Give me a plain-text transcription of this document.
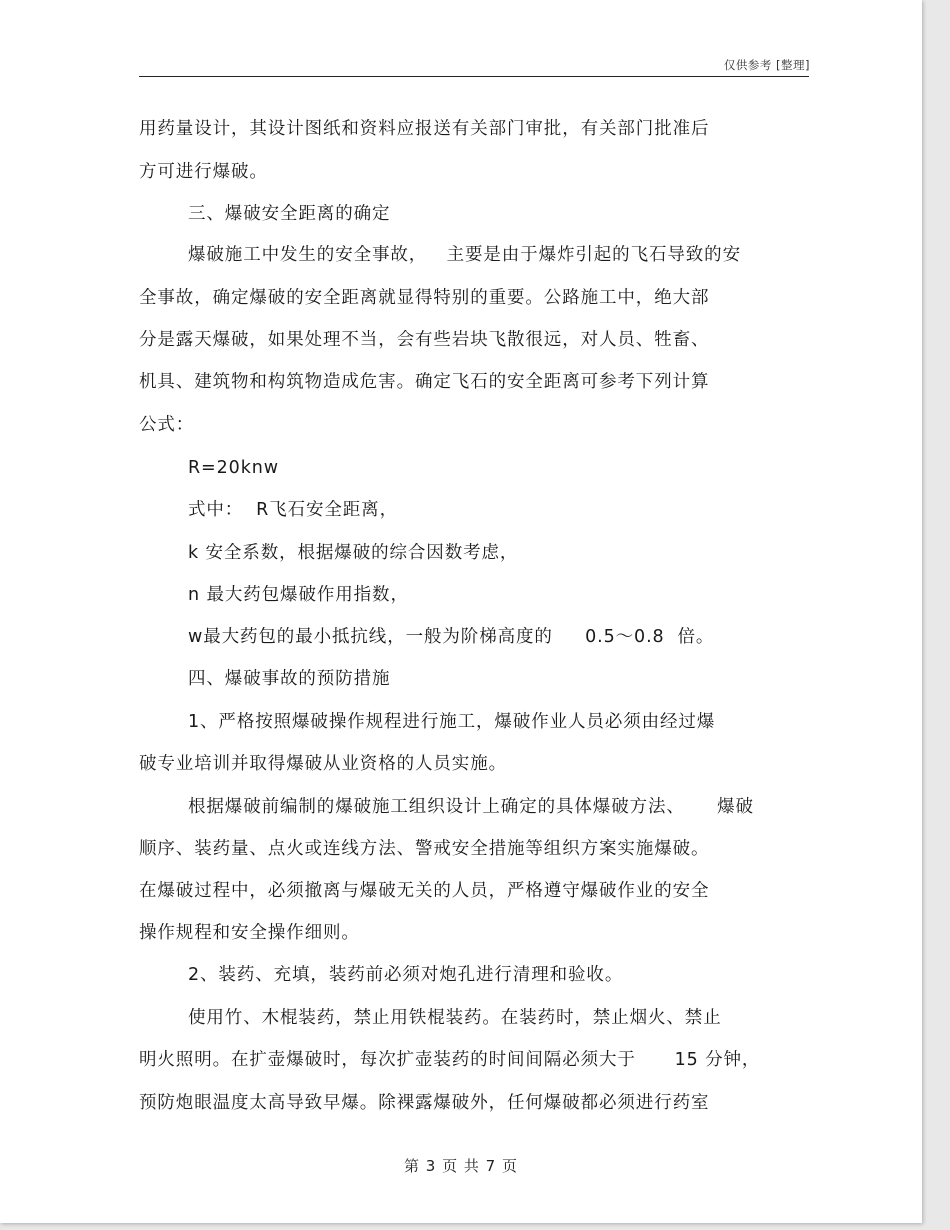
仅供参考 [整理]
用药量设计，其设计图纸和资料应报送有关部门审批，有关部门批准后
方可进行爆破。
三、爆破安全距离的确定
爆破施工中发生的安全事故，   主要是由于爆炸引起的飞石导致的安
全事故，确定爆破的安全距离就显得特别的重要。公路施工中，绝大部
分是露天爆破，如果处理不当，会有些岩块飞散很远，对人员、牲畜、
机具、建筑物和构筑物造成危害。确定飞石的安全距离可参考下列计算
公式：
R=20knw
式中：  R飞石安全距离，
k 安全系数，根据爆破的综合因数考虑，
n 最大药包爆破作用指数，
w最大药包的最小抵抗线，一般为阶梯高度的     0.5～0.8  倍。
四、爆破事故的预防措施
1、严格按照爆破操作规程进行施工，爆破作业人员必须由经过爆
破专业培训并取得爆破从业资格的人员实施。
根据爆破前编制的爆破施工组织设计上确定的具体爆破方法、     爆破
顺序、装药量、点火或连线方法、警戒安全措施等组织方案实施爆破。
在爆破过程中，必须撤离与爆破无关的人员，严格遵守爆破作业的安全
操作规程和安全操作细则。
2、装药、充填，装药前必须对炮孔进行清理和验收。
使用竹、木棍装药，禁止用铁棍装药。在装药时，禁止烟火、禁止
明火照明。在扩壶爆破时，每次扩壶装药的时间间隔必须大于      15 分钟，
预防炮眼温度太高导致早爆。除裸露爆破外，任何爆破都必须进行药室
第 3 页 共 7 页
